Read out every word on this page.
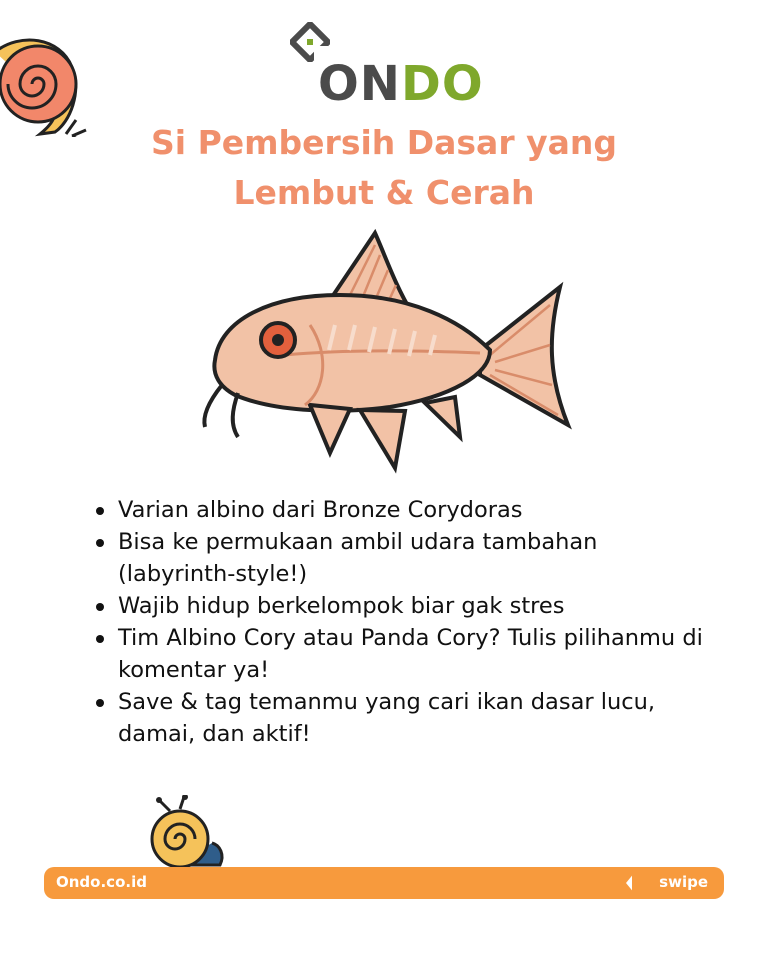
ONDO
Si Pembersih Dasar yang
Lembut & Cerah
Varian albino dari Bronze Corydoras
Bisa ke permukaan ambil udara tambahan (labyrinth-style!)
Wajib hidup berkelompok biar gak stres
Tim Albino Cory atau Panda Cory? Tulis pilihanmu di komentar ya!
Save & tag temanmu yang cari ikan dasar lucu, damai, dan aktif!
Ondo.co.id	swipe
